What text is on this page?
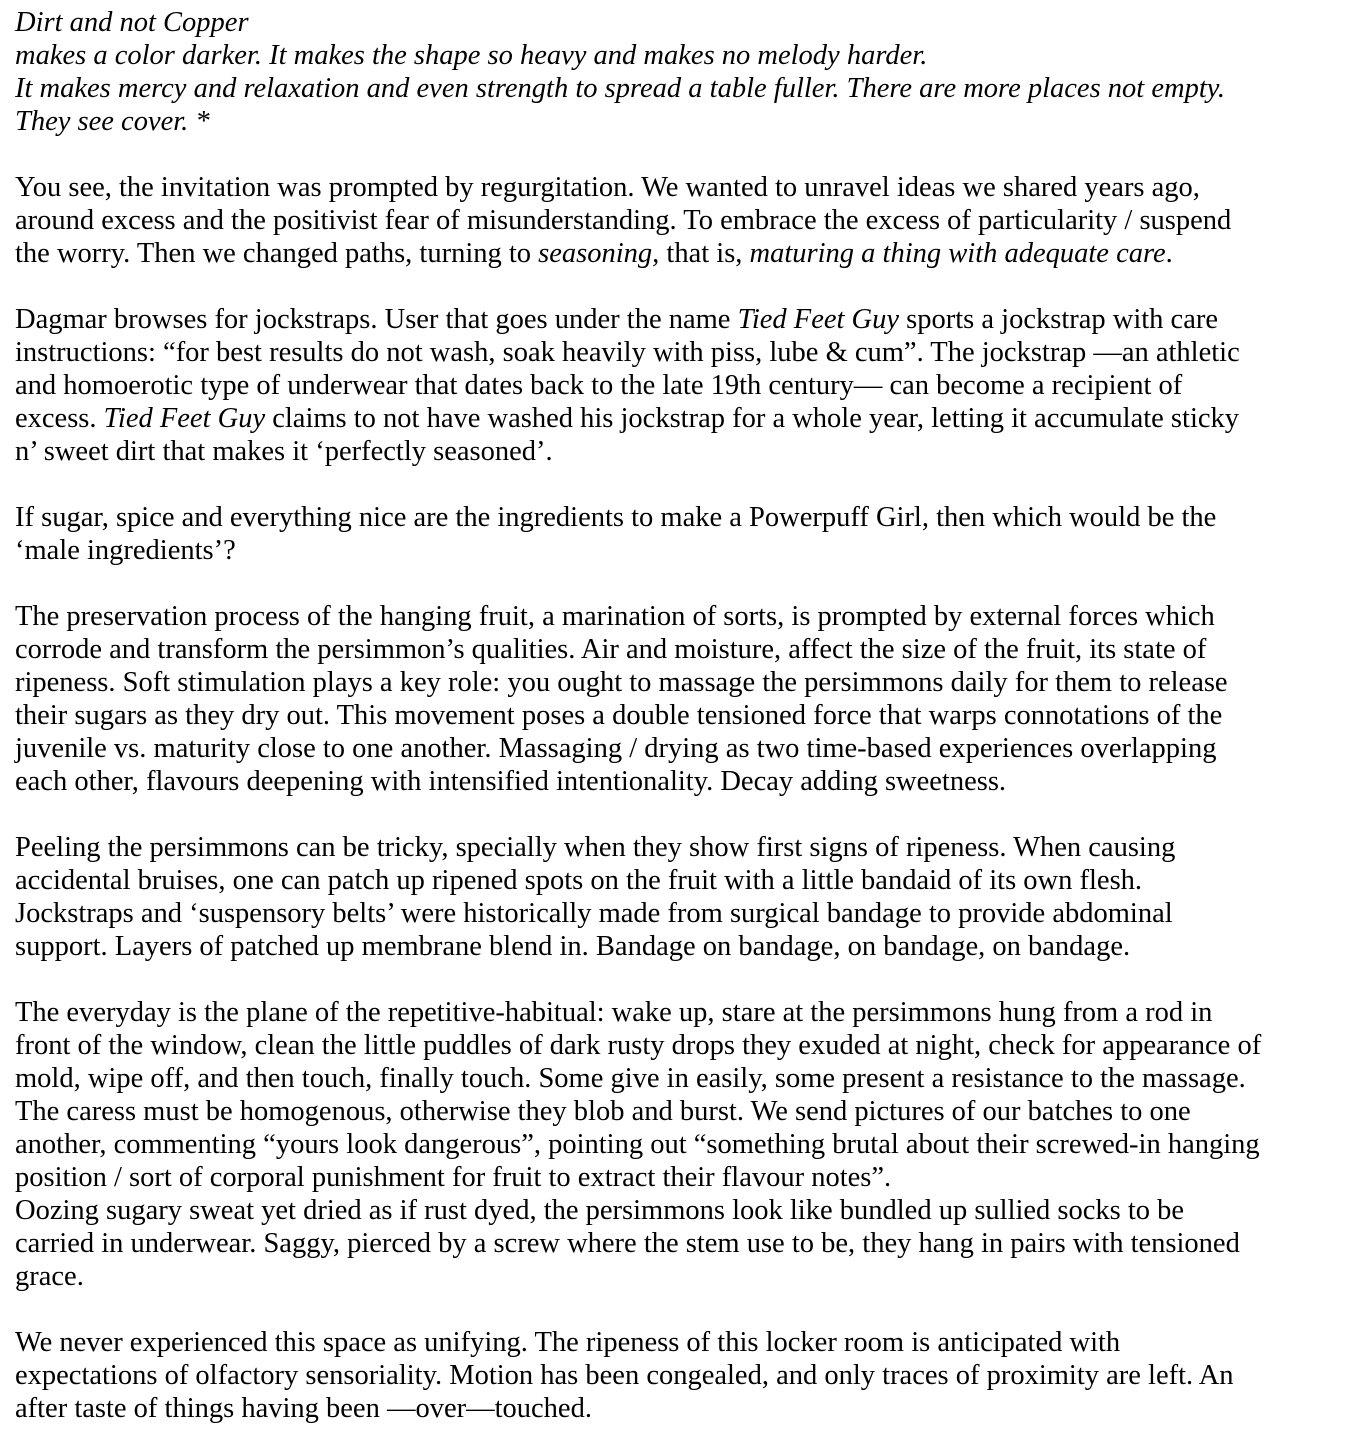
Dirt and not Copper
makes a color darker. It makes the shape so heavy and makes no melody harder.
It makes mercy and relaxation and even strength to spread a table fuller. There are more places not empty.
They see cover. *

You see, the invitation was prompted by regurgitation. We wanted to unravel ideas we shared years ago,
around excess and the positivist fear of misunderstanding. To embrace the excess of particularity / suspend
the worry. Then we changed paths, turning to seasoning, that is, maturing a thing with adequate care.

Dagmar browses for jockstraps. User that goes under the name Tied Feet Guy sports a jockstrap with care
instructions: “for best results do not wash, soak heavily with piss, lube & cum”. The jockstrap —an athletic
and homoerotic type of underwear that dates back to the late 19th century— can become a recipient of
excess. Tied Feet Guy claims to not have washed his jockstrap for a whole year, letting it accumulate sticky
n’ sweet dirt that makes it ‘perfectly seasoned’.

If sugar, spice and everything nice are the ingredients to make a Powerpuff Girl, then which would be the
‘male ingredients’?

The preservation process of the hanging fruit, a marination of sorts, is prompted by external forces which
corrode and transform the persimmon’s qualities. Air and moisture, affect the size of the fruit, its state of
ripeness. Soft stimulation plays a key role: you ought to massage the persimmons daily for them to release
their sugars as they dry out. This movement poses a double tensioned force that warps connotations of the
juvenile vs. maturity close to one another. Massaging / drying as two time-based experiences overlapping
each other, flavours deepening with intensified intentionality. Decay adding sweetness.

Peeling the persimmons can be tricky, specially when they show first signs of ripeness. When causing
accidental bruises, one can patch up ripened spots on the fruit with a little bandaid of its own flesh.
Jockstraps and ‘suspensory belts’ were historically made from surgical bandage to provide abdominal
support. Layers of patched up membrane blend in. Bandage on bandage, on bandage, on bandage.

The everyday is the plane of the repetitive-habitual: wake up, stare at the persimmons hung from a rod in
front of the window, clean the little puddles of dark rusty drops they exuded at night, check for appearance of
mold, wipe off, and then touch, finally touch. Some give in easily, some present a resistance to the massage.
The caress must be homogenous, otherwise they blob and burst. We send pictures of our batches to one
another, commenting “yours look dangerous”, pointing out “something brutal about their screwed-in hanging
position / sort of corporal punishment for fruit to extract their flavour notes”.
Oozing sugary sweat yet dried as if rust dyed, the persimmons look like bundled up sullied socks to be
carried in underwear. Saggy, pierced by a screw where the stem use to be, they hang in pairs with tensioned
grace.

We never experienced this space as unifying. The ripeness of this locker room is anticipated with
expectations of olfactory sensoriality. Motion has been congealed, and only traces of proximity are left. An
after taste of things having been —over—touched.
